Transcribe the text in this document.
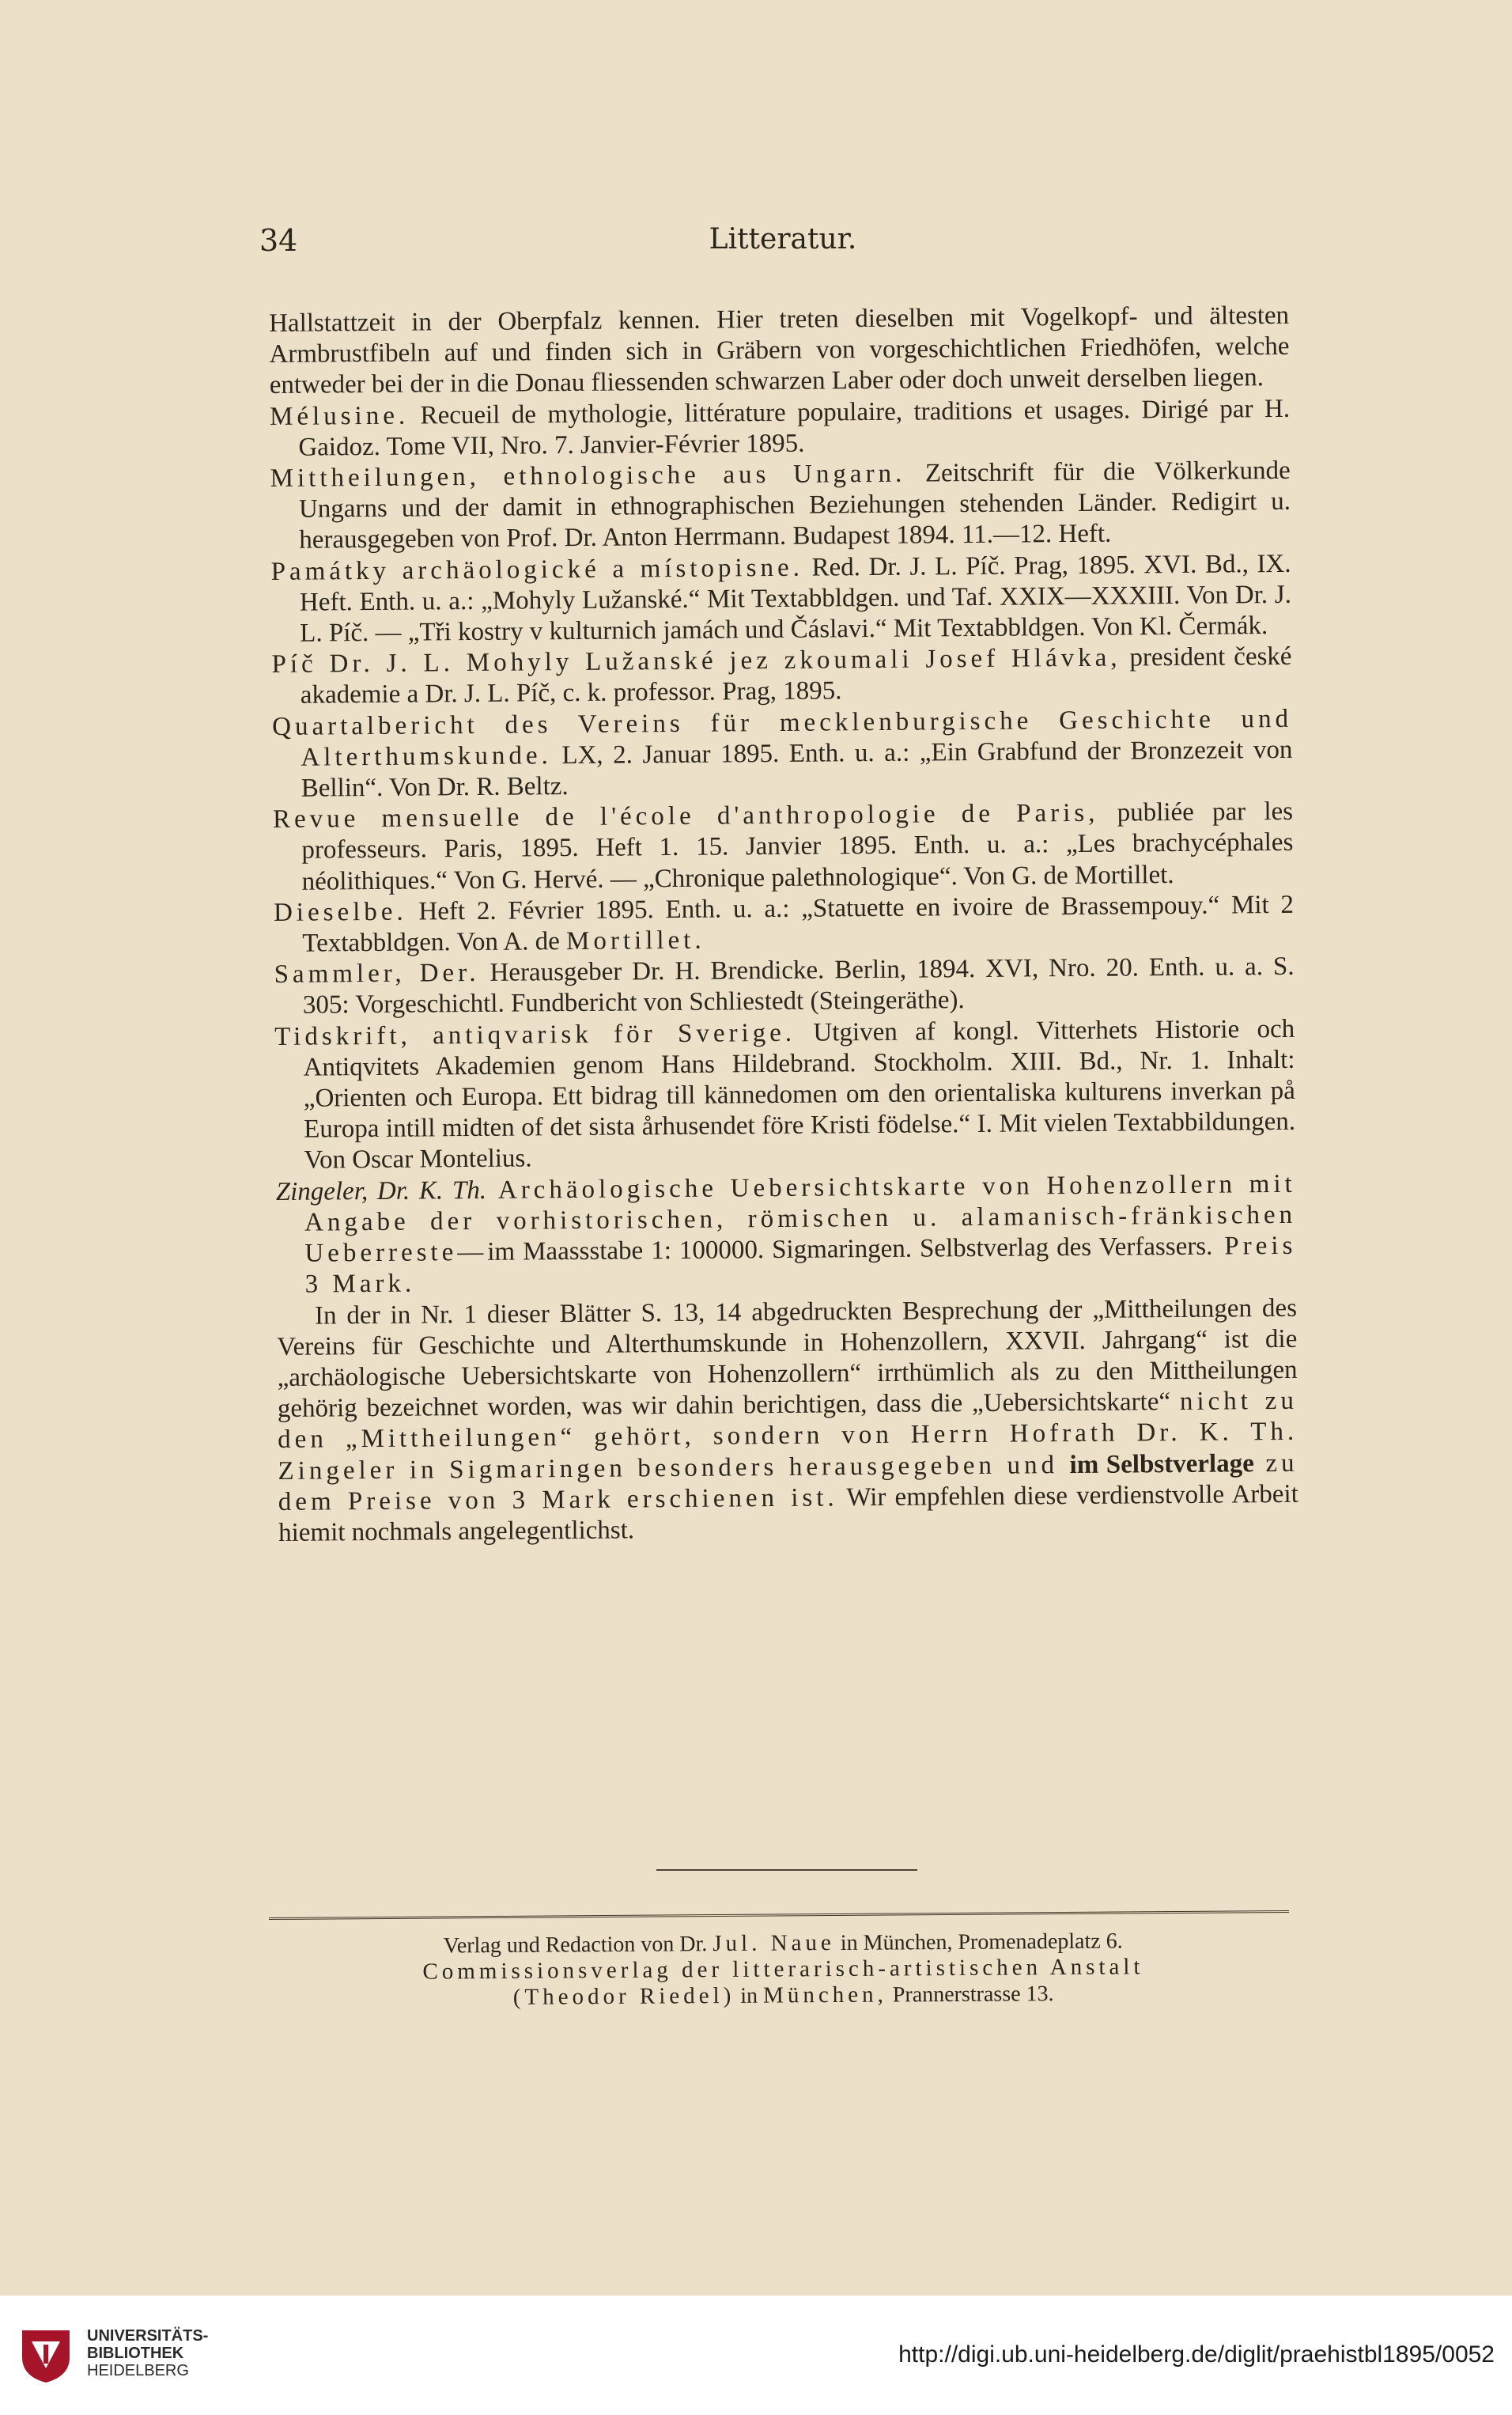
34	Litteratur.

Hallstattzeit in der Oberpfalz kennen. Hier treten dieselben mit Vogelkopf- und ältesten Armbrustfibeln auf und finden sich in Gräbern von vorgeschichtlichen Friedhöfen, welche entweder bei der in die Donau fliessenden schwarzen Laber oder doch unweit derselben liegen.

Mélusine. Recueil de mythologie, littérature populaire, traditions et usages. Dirigé par H. Gaidoz. Tome VII, Nro. 7. Janvier-Février 1895.

Mittheilungen, ethnologische aus Ungarn. Zeitschrift für die Völkerkunde Ungarns und der damit in ethnographischen Beziehungen stehenden Länder. Redigirt u. herausgegeben von Prof. Dr. Anton Herrmann. Budapest 1894. 11.—12. Heft.

Památky archäologické a místopisne. Red. Dr. J. L. Píč. Prag, 1895. XVI. Bd., IX. Heft. Enth. u. a.: „Mohyly Lužanské.“ Mit Textabbldgen. und Taf. XXIX—XXXIII. Von Dr. J. L. Píč. — „Tři kostry v kulturnich jamách und Čáslavi.“ Mit Textabbldgen. Von Kl. Čermák.

Píč Dr. J. L. Mohyly Lužanské jez zkoumali Josef Hlávka, president české akademie a Dr. J. L. Píč, c. k. professor. Prag, 1895.

Quartalbericht des Vereins für mecklenburgische Geschichte und Alterthumskunde. LX, 2. Januar 1895. Enth. u. a.: „Ein Grabfund der Bronzezeit von Bellin“. Von Dr. R. Beltz.

Revue mensuelle de l'école d'anthropologie de Paris, publiée par les professeurs. Paris, 1895. Heft 1. 15. Janvier 1895. Enth. u. a.: „Les brachycéphales néolithiques.“ Von G. Hervé. — „Chronique palethnologique“. Von G. de Mortillet.

Dieselbe. Heft 2. Février 1895. Enth. u. a.: „Statuette en ivoire de Brassempouy.“ Mit 2 Textabbldgen. Von A. de Mortillet.

Sammler, Der. Herausgeber Dr. H. Brendicke. Berlin, 1894. XVI, Nro. 20. Enth. u. a. S. 305: Vorgeschichtl. Fundbericht von Schliestedt (Steingeräthe).

Tidskrift, antiqvarisk för Sverige. Utgiven af kongl. Vitterhets Historie och Antiqvitets Akademien genom Hans Hildebrand. Stockholm. XIII. Bd., Nr. 1. Inhalt: „Orienten och Europa. Ett bidrag till kännedomen om den orientaliska kulturens inverkan på Europa intill midten of det sista århusendet före Kristi födelse.“ I. Mit vielen Textabbildungen. Von Oscar Montelius.

Zingeler, Dr. K. Th. Archäologische Uebersichtskarte von Hohenzollern mit Angabe der vorhistorischen, römischen u. alamanisch-fränkischen Ueberreste—im Maassstabe 1: 100000. Sigmaringen. Selbstverlag des Verfassers. Preis 3 Mark.

In der in Nr. 1 dieser Blätter S. 13, 14 abgedruckten Besprechung der „Mittheilungen des Vereins für Geschichte und Alterthumskunde in Hohenzollern, XXVII. Jahrgang“ ist die „archäologische Uebersichtskarte von Hohenzollern“ irrthümlich als zu den Mittheilungen gehörig bezeichnet worden, was wir dahin berichtigen, dass die „Uebersichtskarte“ nicht zu den „Mittheilungen“ gehört, sondern von Herrn Hofrath Dr. K. Th. Zingeler in Sigmaringen besonders herausgegeben und im Selbstverlage zu dem Preise von 3 Mark erschienen ist. Wir empfehlen diese verdienstvolle Arbeit hiemit nochmals angelegentlichst.

Verlag und Redaction von Dr. Jul. Naue in München, Promenadeplatz 6.
Commissionsverlag der litterarisch-artistischen Anstalt
(Theodor Riedel) in München, Prannerstrasse 13.
UNIVERSITÄTS-
BIBLIOTHEK
HEIDELBERG
http://digi.ub.uni-heidelberg.de/diglit/praehistbl1895/0052
